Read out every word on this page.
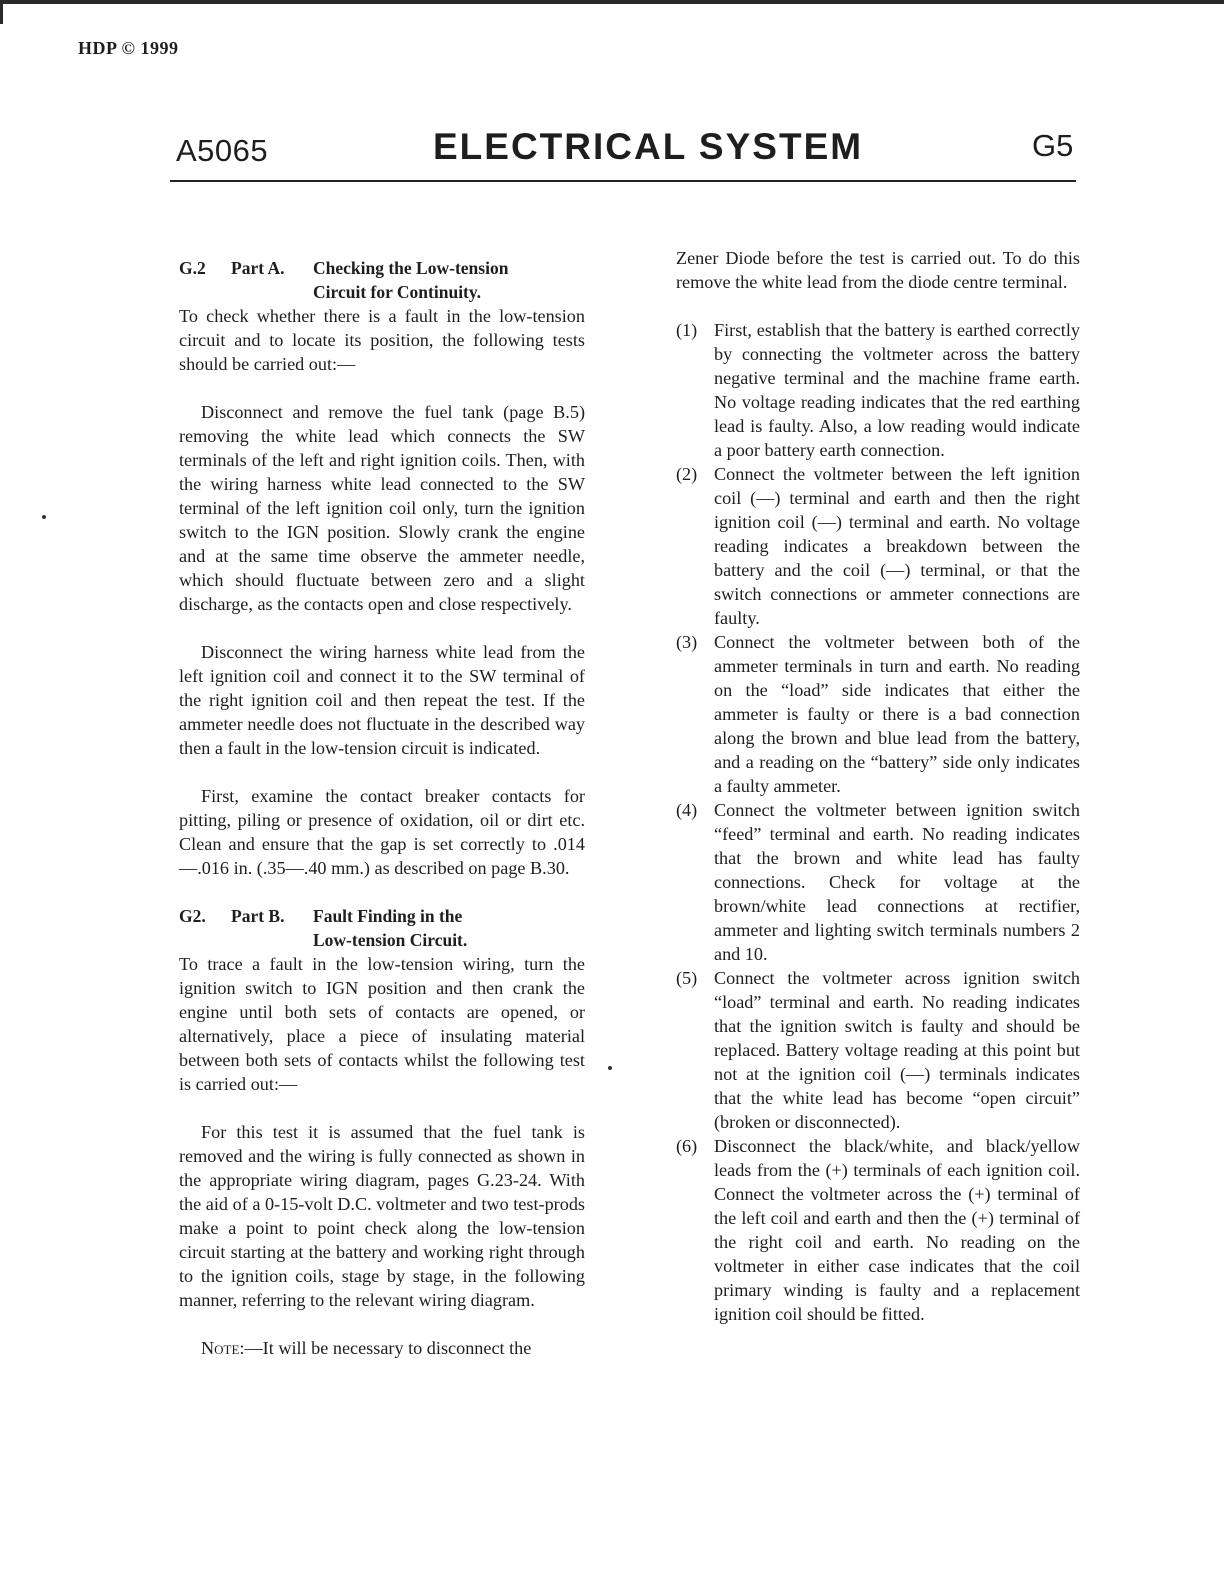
HDP © 1999
A5065	ELECTRICAL SYSTEM	G5
G.2 Part A. Checking the Low-tension
Circuit for Continuity.

To check whether there is a fault in the low-tension circuit and to locate its position, the following tests should be carried out:—

Disconnect and remove the fuel tank (page B.5) removing the white lead which connects the SW terminals of the left and right ignition coils. Then, with the wiring harness white lead connected to the SW terminal of the left ignition coil only, turn the ignition switch to the IGN position. Slowly crank the engine and at the same time observe the ammeter needle, which should fluctuate between zero and a slight discharge, as the contacts open and close respectively.

Disconnect the wiring harness white lead from the left ignition coil and connect it to the SW terminal of the right ignition coil and then repeat the test. If the ammeter needle does not fluctuate in the described way then a fault in the low-tension circuit is indicated.

First, examine the contact breaker contacts for pitting, piling or presence of oxidation, oil or dirt etc. Clean and ensure that the gap is set correctly to .014—.016 in. (.35—.40 mm.) as described on page B.30.

G2. Part B. Fault Finding in the
Low-tension Circuit.

To trace a fault in the low-tension wiring, turn the ignition switch to IGN position and then crank the engine until both sets of contacts are opened, or alternatively, place a piece of insulating material between both sets of contacts whilst the following test is carried out:—

For this test it is assumed that the fuel tank is removed and the wiring is fully connected as shown in the appropriate wiring diagram, pages G.23-24. With the aid of a 0-15-volt D.C. voltmeter and two test-prods make a point to point check along the low-tension circuit starting at the battery and working right through to the ignition coils, stage by stage, in the following manner, referring to the relevant wiring diagram.

Note:—It will be necessary to disconnect the

Zener Diode before the test is carried out. To do this remove the white lead from the diode centre terminal.

(1) First, establish that the battery is earthed correctly by connecting the voltmeter across the battery negative terminal and the machine frame earth. No voltage reading indicates that the red earthing lead is faulty. Also, a low reading would indicate a poor battery earth connection.

(2) Connect the voltmeter between the left ignition coil (—) terminal and earth and then the right ignition coil (—) terminal and earth. No voltage reading indicates a breakdown between the battery and the coil (—) terminal, or that the switch connections or ammeter connections are faulty.

(3) Connect the voltmeter between both of the ammeter terminals in turn and earth. No reading on the “load” side indicates that either the ammeter is faulty or there is a bad connection along the brown and blue lead from the battery, and a reading on the “battery” side only indicates a faulty ammeter.

(4) Connect the voltmeter between ignition switch “feed” terminal and earth. No reading indicates that the brown and white lead has faulty connections. Check for voltage at the brown/white lead connections at rectifier, ammeter and lighting switch terminals numbers 2 and 10.

(5) Connect the voltmeter across ignition switch “load” terminal and earth. No reading indicates that the ignition switch is faulty and should be replaced. Battery voltage reading at this point but not at the ignition coil (—) terminals indicates that the white lead has become “open circuit” (broken or disconnected).

(6) Disconnect the black/white, and black/yellow leads from the (+) terminals of each ignition coil. Connect the voltmeter across the (+) terminal of the left coil and earth and then the (+) terminal of the right coil and earth. No reading on the voltmeter in either case indicates that the coil primary winding is faulty and a replacement ignition coil should be fitted.
